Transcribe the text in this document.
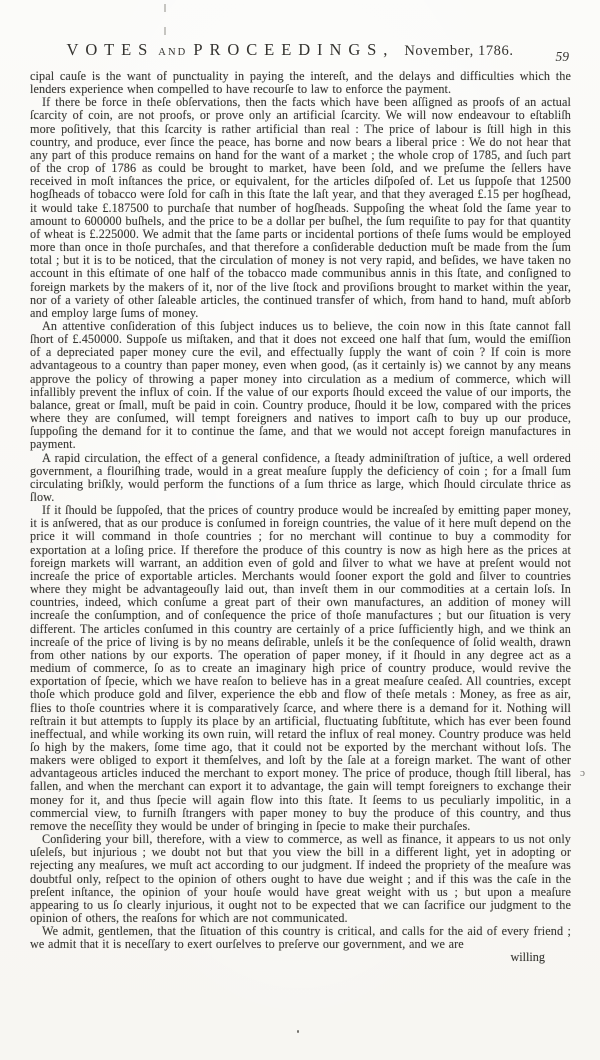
VOTES AND PROCEEDINGS, November, 1786.	59

cipal cauſe is the want of punctuality in paying the intereſt, and the delays and difficulties which the lenders experience when compelled to have recourſe to law to enforce the payment.

If there be force in theſe obſervations, then the facts which have been aſſigned as proofs of an actual ſcarcity of coin, are not proofs, or prove only an artificial ſcarcity. We will now endeavour to eſtabliſh more poſitively, that this ſcarcity is rather artificial than real : The price of labour is ſtill high in this country, and produce, ever ſince the peace, has borne and now bears a liberal price : We do not hear that any part of this produce remains on hand for the want of a market ; the whole crop of 1785, and ſuch part of the crop of 1786 as could be brought to market, have been ſold, and we preſume the ſellers have received in moſt inſtances the price, or equivalent, for the articles diſpoſed of. Let us ſuppoſe that 12500 hogſheads of tobacco were ſold for caſh in this ſtate the laſt year, and that they averaged £.15 per hogſhead, it would take £.187500 to purchaſe that number of hogſheads. Suppoſing the wheat ſold the ſame year to amount to 600000 buſhels, and the price to be a dollar per buſhel, the ſum requiſite to pay for that quantity of wheat is £.225000. We admit that the ſame parts or incidental portions of theſe ſums would be employed more than once in thoſe purchaſes, and that therefore a conſiderable deduction muſt be made from the ſum total ; but it is to be noticed, that the circulation of money is not very rapid, and beſides, we have taken no account in this eſtimate of one half of the tobacco made communibus annis in this ſtate, and conſigned to foreign markets by the makers of it, nor of the live ſtock and proviſions brought to market within the year, nor of a variety of other ſaleable articles, the continued transfer of which, from hand to hand, muſt abſorb and employ large ſums of money.

An attentive conſideration of this ſubject induces us to believe, the coin now in this ſtate cannot fall ſhort of £.450000. Suppoſe us miſtaken, and that it does not exceed one half that ſum, would the emiſſion of a depreciated paper money cure the evil, and effectually ſupply the want of coin ? If coin is more advantageous to a country than paper money, even when good, (as it certainly is) we cannot by any means approve the policy of throwing a paper money into circulation as a medium of commerce, which will infallibly prevent the influx of coin. If the value of our exports ſhould exceed the value of our imports, the balance, great or ſmall, muſt be paid in coin. Country produce, ſhould it be low, compared with the prices where they are conſumed, will tempt foreigners and natives to import caſh to buy up our produce, ſuppoſing the demand for it to continue the ſame, and that we would not accept foreign manufactures in payment.

A rapid circulation, the effect of a general confidence, a ſteady adminiſtration of juſtice, a well ordered government, a flouriſhing trade, would in a great meaſure ſupply the deficiency of coin ; for a ſmall ſum circulating briſkly, would perform the functions of a ſum thrice as large, which ſhould circulate thrice as ſlow.

If it ſhould be ſuppoſed, that the prices of country produce would be increaſed by emitting paper money, it is anſwered, that as our produce is conſumed in foreign countries, the value of it here muſt depend on the price it will command in thoſe countries ; for no merchant will continue to buy a commodity for exportation at a loſing price. If therefore the produce of this country is now as high here as the prices at foreign markets will warrant, an addition even of gold and ſilver to what we have at preſent would not increaſe the price of exportable articles. Merchants would ſooner export the gold and ſilver to countries where they might be advantageouſly laid out, than inveſt them in our commodities at a certain loſs. In countries, indeed, which conſume a great part of their own manufactures, an addition of money will increaſe the conſumption, and of conſequence the price of thoſe manufactures ; but our ſituation is very different. The articles conſumed in this country are certainly of a price ſufficiently high, and we think an increaſe of the price of living is by no means deſirable, unleſs it be the conſequence of ſolid wealth, drawn from other nations by our exports. The operation of paper money, if it ſhould in any degree act as a medium of commerce, ſo as to create an imaginary high price of country produce, would revive the exportation of ſpecie, which we have reaſon to believe has in a great meaſure ceaſed. All countries, except thoſe which produce gold and ſilver, experience the ebb and flow of theſe metals : Money, as free as air, flies to thoſe countries where it is comparatively ſcarce, and where there is a demand for it. Nothing will reſtrain it but attempts to ſupply its place by an artificial, fluctuating ſubſtitute, which has ever been found ineffectual, and while working its own ruin, will retard the influx of real money. Country produce was held ſo high by the makers, ſome time ago, that it could not be exported by the merchant without loſs. The makers were obliged to export it themſelves, and loſt by the ſale at a foreign market. The want of other advantageous articles induced the merchant to export money. The price of produce, though ſtill liberal, has fallen, and when the merchant can export it to advantage, the gain will tempt foreigners to exchange their money for it, and thus ſpecie will again flow into this ſtate. It ſeems to us peculiarly impolitic, in a commercial view, to furniſh ſtrangers with paper money to buy the produce of this country, and thus remove the neceſſity they would be under of bringing in ſpecie to make their purchaſes.

Conſidering your bill, therefore, with a view to commerce, as well as finance, it appears to us not only uſeleſs, but injurious ; we doubt not but that you view the bill in a different light, yet in adopting or rejecting any meaſures, we muſt act according to our judgment. If indeed the propriety of the meaſure was doubtful only, reſpect to the opinion of others ought to have due weight ; and if this was the caſe in the preſent inſtance, the opinion of your houſe would have great weight with us ; but upon a meaſure appearing to us ſo clearly injurious, it ought not to be expected that we can ſacrifice our judgment to the opinion of others, the reaſons for which are not communicated.

We admit, gentlemen, that the ſituation of this country is critical, and calls for the aid of every friend ; we admit that it is neceſſary to exert ourſelves to preſerve our government, and we are

willing
ɔ
